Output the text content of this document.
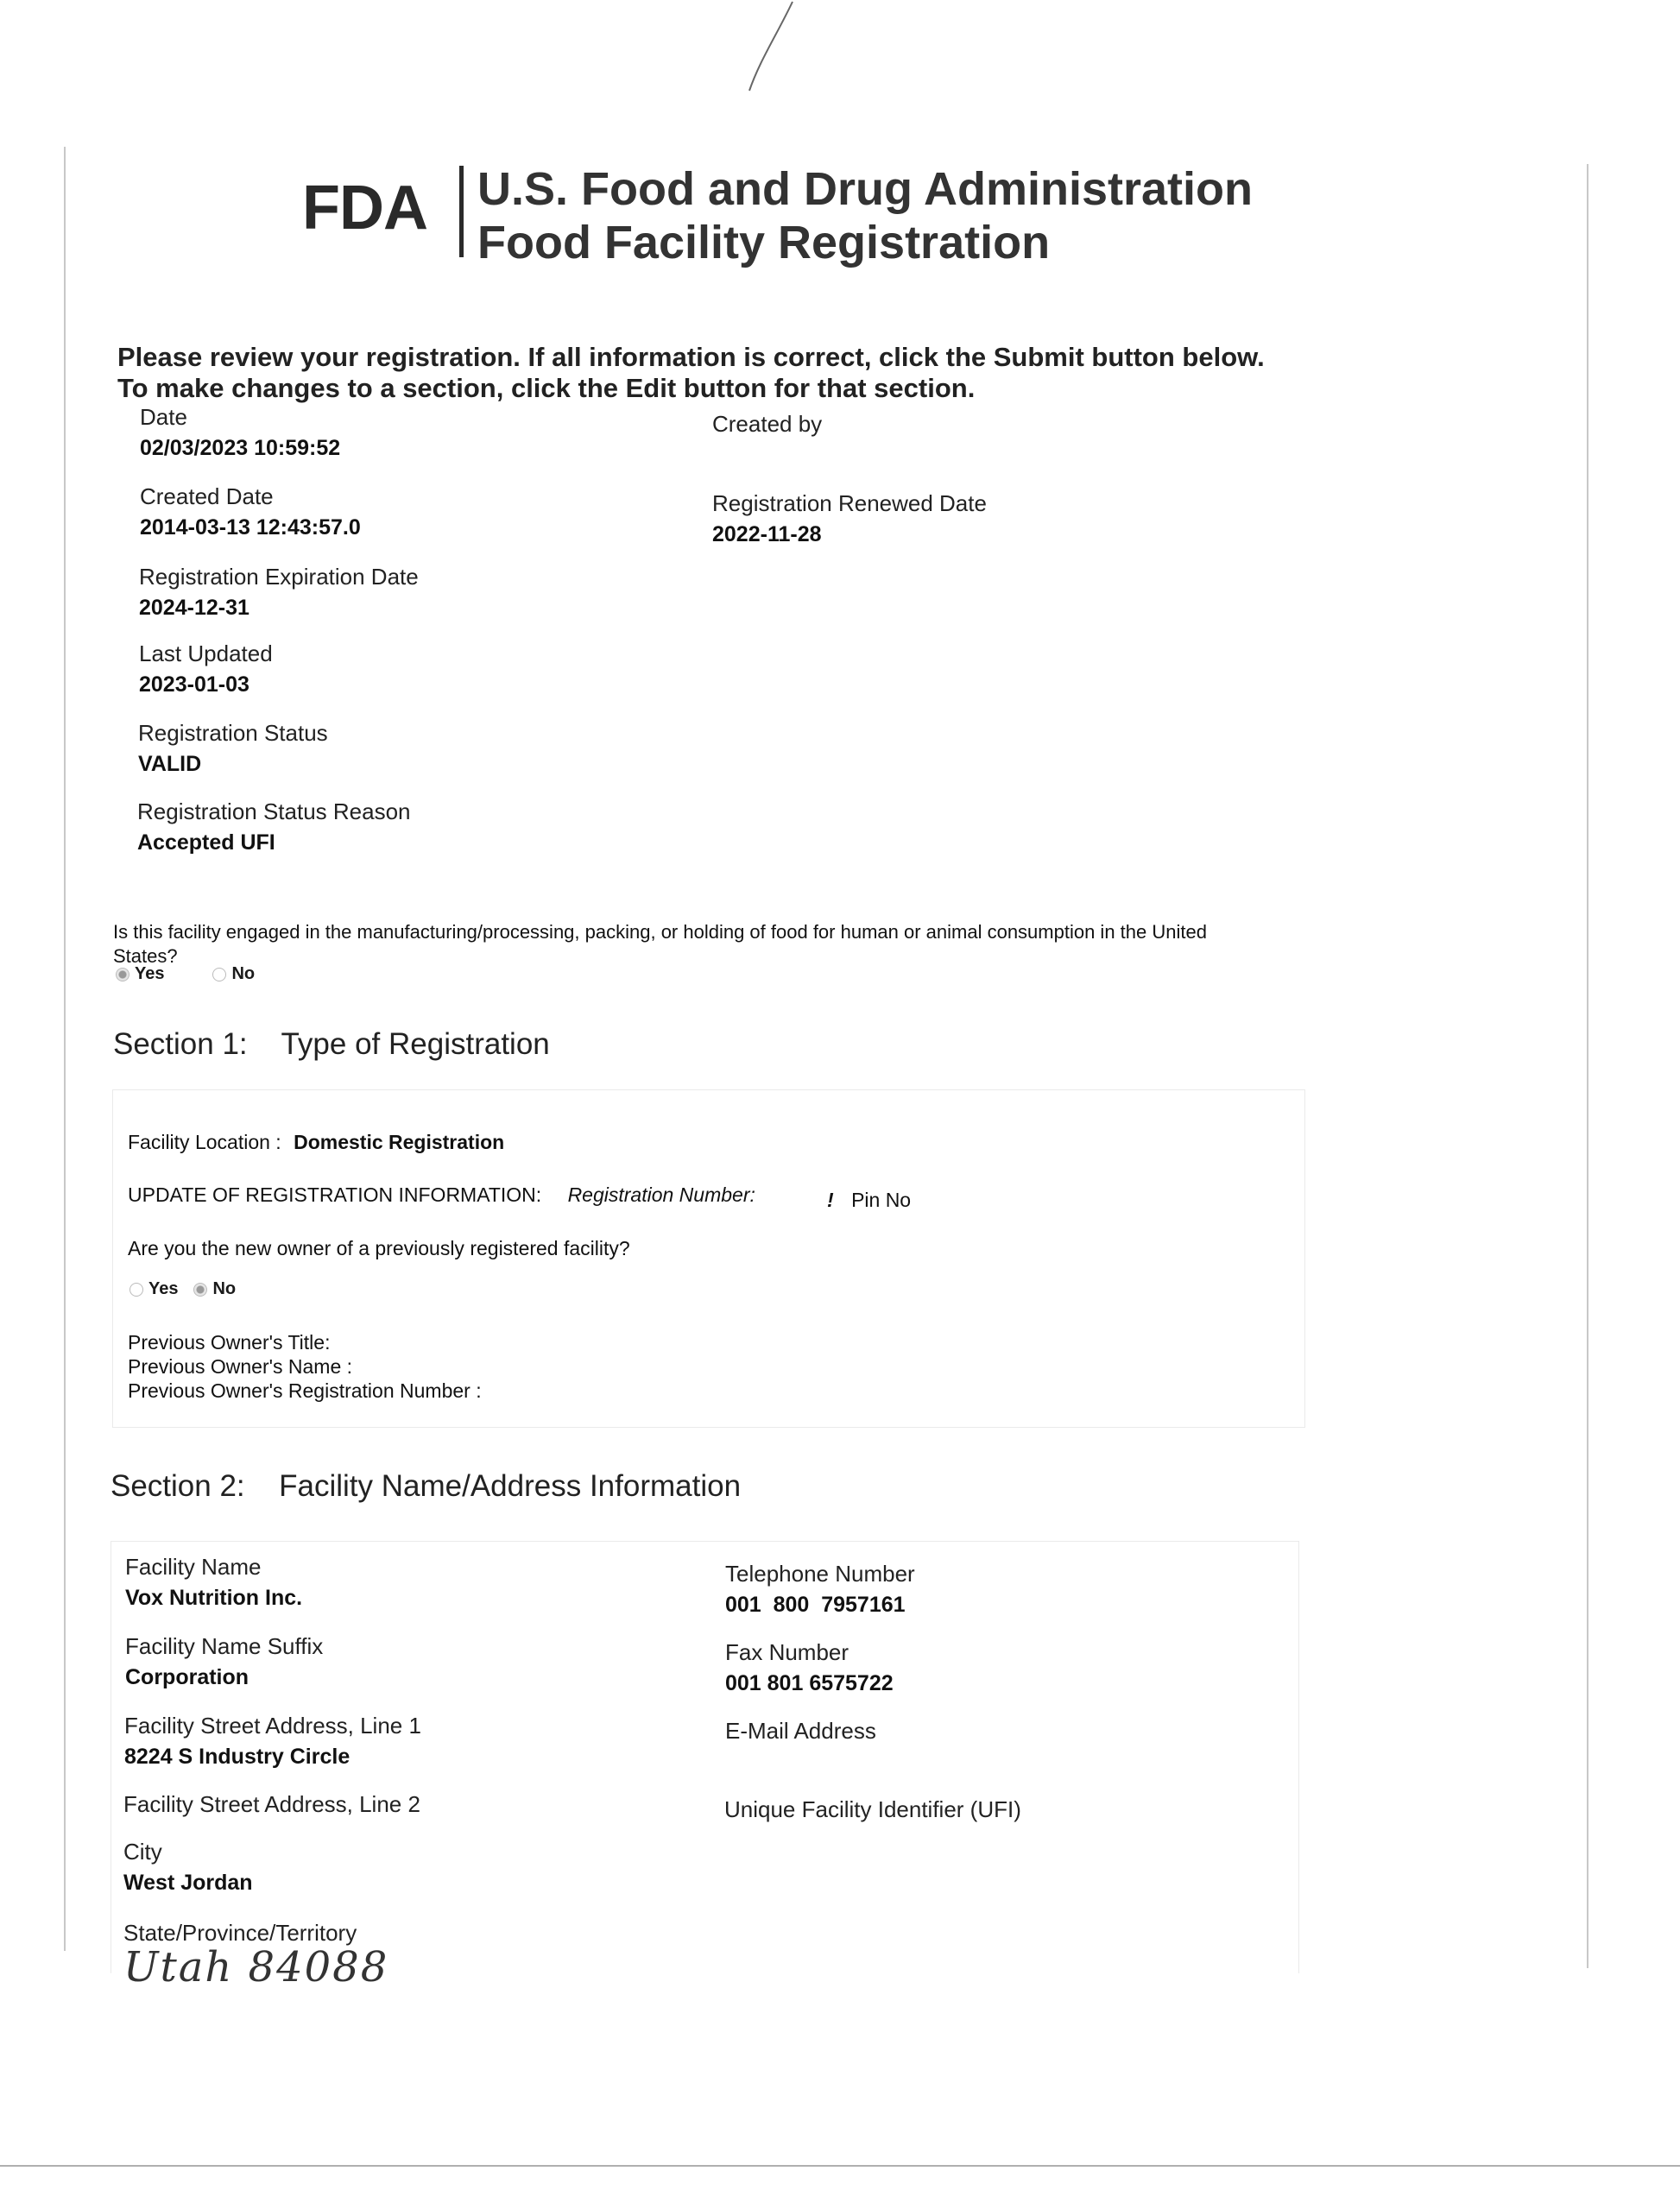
FDA U.S. Food and Drug Administration
Food Facility Registration
Please review your registration. If all information is correct, click the Submit button below. To make changes to a section, click the Edit button for that section.
Date
02/03/2023 10:59:52
Created by
Created Date
2014-03-13 12:43:57.0
Registration Renewed Date
2022-11-28
Registration Expiration Date
2024-12-31
Last Updated
2023-01-03
Registration Status
VALID
Registration Status Reason
Accepted UFI
Is this facility engaged in the manufacturing/processing, packing, or holding of food for human or animal consumption in the United States?
Yes	No
Section 1: Type of Registration
Facility Location : Domestic Registration
UPDATE OF REGISTRATION INFORMATION: Registration Number:	! Pin No
Are you the new owner of a previously registered facility?
Yes No
Previous Owner's Title:
Previous Owner's Name :
Previous Owner's Registration Number :
Section 2: Facility Name/Address Information
Facility Name
Vox Nutrition Inc.
Facility Name Suffix
Corporation
Facility Street Address, Line 1
8224 S Industry Circle
Facility Street Address, Line 2
City
West Jordan
State/Province/Territory
Utah 84088
Telephone Number
001  800  7957161
Fax Number
001 801 6575722
E-Mail Address
Unique Facility Identifier (UFI)
